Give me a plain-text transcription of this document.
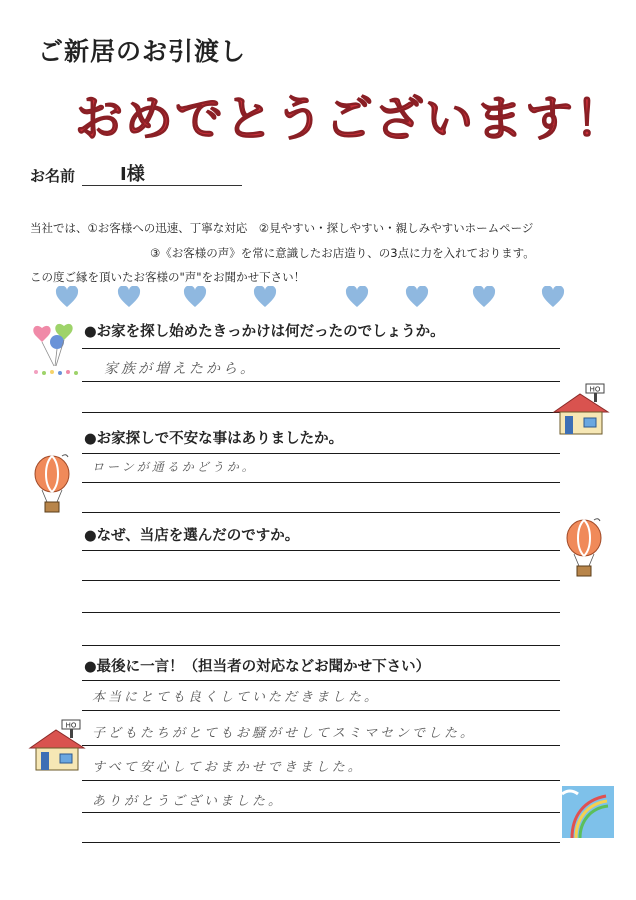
ご新居のお引渡し
おめでとうございます！
お名前 I様
当社では、①お客様への迅速、丁寧な対応　②見やすい・探しやすい・親しみやすいホームページ
③《お客様の声》を常に意識したお店造り、の3点に力を入れております。
この度ご縁を頂いたお客様の"声"をお聞かせ下さい！
●お家を探し始めたきっかけは何だったのでしょうか。
家族が増えたから。
●お家探しで不安な事はありましたか。
ローンが通るかどうか。
●なぜ、当店を選んだのですか。
●最後に一言！（担当者の対応などお聞かせ下さい）
本当にとても良くしていただきました。
子どもたちがとてもお騒がせしてスミマセンでした。
すべて安心しておまかせできました。
ありがとうございました。
HO
HO
